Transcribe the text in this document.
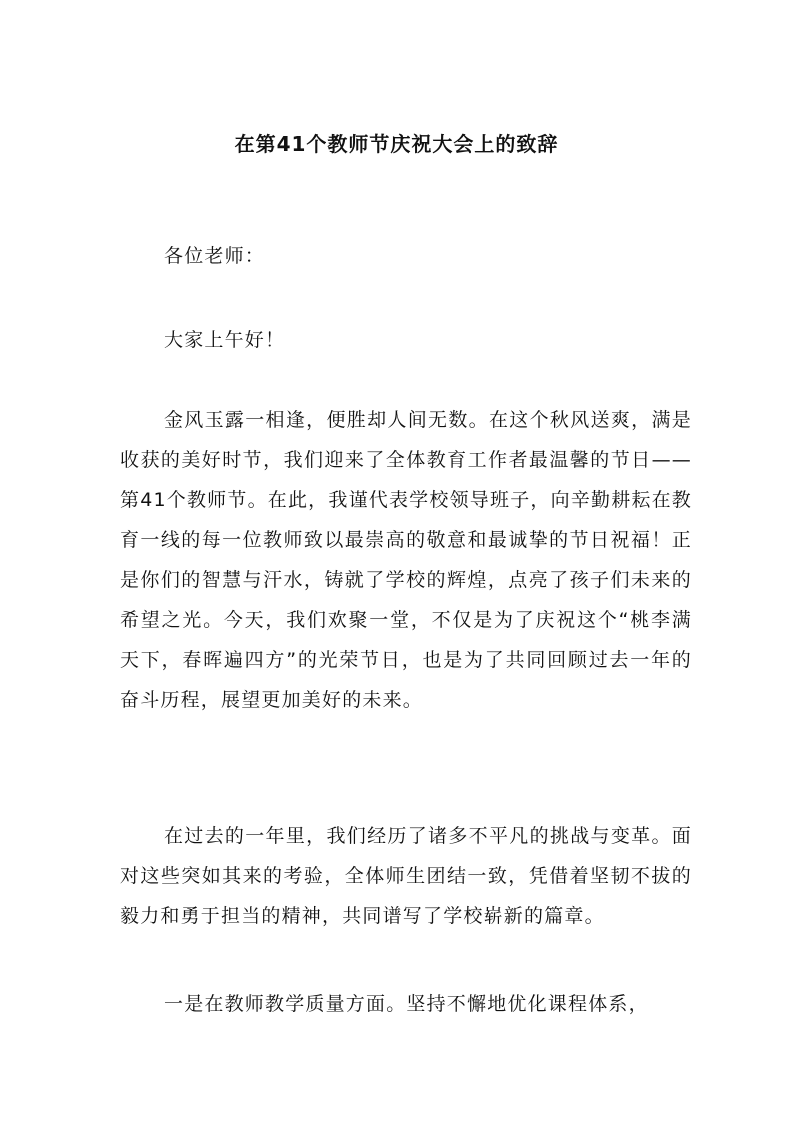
在第41个教师节庆祝大会上的致辞

各位老师：

大家上午好！

金风玉露一相逢，便胜却人间无数。在这个秋风送爽，满是收获的美好时节，我们迎来了全体教育工作者最温馨的节日——第41个教师节。在此，我谨代表学校领导班子，向辛勤耕耘在教育一线的每一位教师致以最崇高的敬意和最诚挚的节日祝福！正是你们的智慧与汗水，铸就了学校的辉煌，点亮了孩子们未来的希望之光。今天，我们欢聚一堂，不仅是为了庆祝这个“桃李满天下，春晖遍四方”的光荣节日，也是为了共同回顾过去一年的奋斗历程，展望更加美好的未来。

在过去的一年里，我们经历了诸多不平凡的挑战与变革。面对这些突如其来的考验，全体师生团结一致，凭借着坚韧不拔的毅力和勇于担当的精神，共同谱写了学校崭新的篇章。

一是在教师教学质量方面。坚持不懈地优化课程体系，
